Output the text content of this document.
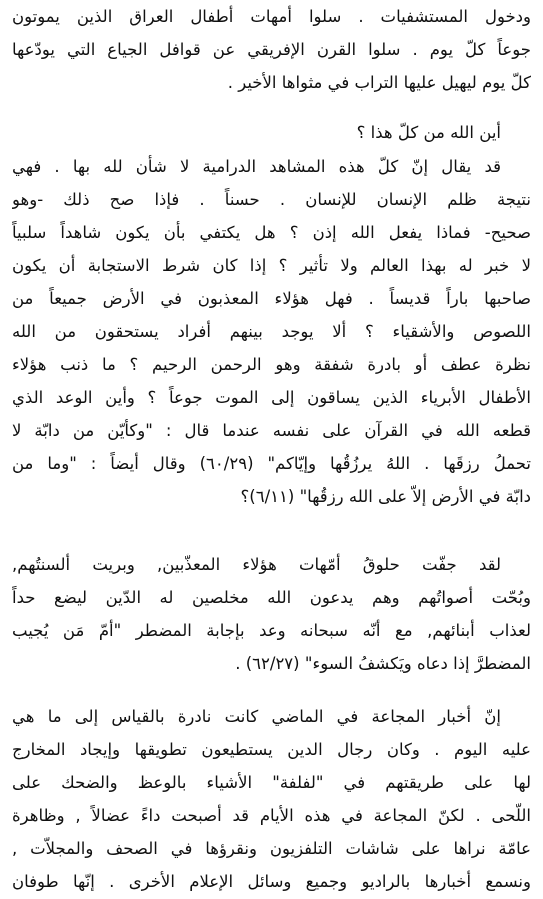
ودخول المستشفيات . سلوا أمهات أطفال العراق الذين يموتون
جوعاً كلّ يوم . سلوا القرن الإفريقي عن قوافل الجياع التي يودّعها
كلّ يوم ليهيل عليها التراب في مثواها الأخير .
أين الله من كلّ هذا ؟
قد يقال إنّ كلّ هذه المشاهد الدرامية لا شأن لله بها . فهي
نتيجة ظلم الإنسان للإنسان . حسناً . فإذا صح ذلك -وهو
صحيح- فماذا يفعل الله إذن ؟ هل يكتفي بأن يكون شاهداً سلبياً
لا خبر له بهذا العالم ولا تأثير ؟ إذا كان شرط الاستجابة أن يكون
صاحبها باراً قديساً . فهل هؤلاء المعذبون في الأرض جميعاً من
اللصوص والأشقياء ؟ ألا يوجد بينهم أفراد يستحقون من الله
نظرة عطف أو بادرة شفقة وهو الرحمن الرحيم ؟ ما ذنب هؤلاء
الأطفال الأبرياء الذين يساقون إلى الموت جوعاً ؟ وأين الوعد الذي
قطعه الله في القرآن على نفسه عندما قال : "وكأيّن من دابّة لا
تحملُ رزقَها . اللهُ يرزُقُها وإيّاكم" (٦٠/٢٩) وقال أيضاً : "وما من
دابّة في الأرض إلاّ على الله رزقُها" (٦/١١)؟
لقد جفّت حلوقُ أمّهات هؤلاء المعذّبين, وبريت ألسنتُهم,
وبُحّت أصواتُهم وهم يدعون الله مخلصين له الدّين ليضع حداً
لعذاب أبنائهم, مع أنّه سبحانه وعد بإجابة المضطر "أمّ مَن يُجيب
المضطرَّ إذا دعاه ويَكشفُ السوء" (٦٢/٢٧) .
إنّ أخبار المجاعة في الماضي كانت نادرة بالقياس إلى ما هي
عليه اليوم . وكان رجال الدين يستطيعون تطويقها وإيجاد المخارج
لها على طريقتهم في "لفلفة" الأشياء بالوعظ والضحك على
اللّحى . لكنّ المجاعة في هذه الأيام قد أصبحت داءً عضالاً , وظاهرة
عامّة نراها على شاشات التلفزيون ونقرؤها في الصحف والمجلاّت ,
ونسمع أخبارها بالراديو وجميع وسائل الإعلام الأخرى . إنّها طوفان
